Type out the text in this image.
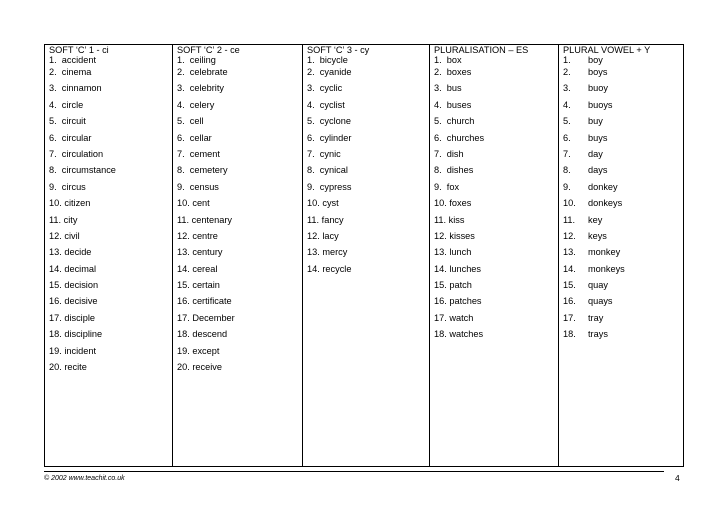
SOFT ‘C’ 1 - ci	SOFT ‘C’ 2 - ce	SOFT ‘C’ 3 - cy	PLURALISATION – ES	PLURAL VOWEL + Y
1. accident	1. ceiling	1. bicycle	1. box	1. boy
2. cinema	2. celebrate	2. cyanide	2. boxes	2. boys
3. cinnamon	3. celebrity	3. cyclic	3. bus	3. buoy
4. circle	4. celery	4. cyclist	4. buses	4. buoys
5. circuit	5. cell	5. cyclone	5. church	5. buy
6. circular	6. cellar	6. cylinder	6. churches	6. buys
7. circulation	7. cement	7. cynic	7. dish	7. day
8. circumstance	8. cemetery	8. cynical	8. dishes	8. days
9. circus	9. census	9. cypress	9. fox	9. donkey
10. citizen	10. cent	10. cyst	10. foxes	10. donkeys
11. city	11. centenary	11. fancy	11. kiss	11. key
12. civil	12. centre	12. lacy	12. kisses	12. keys
13. decide	13. century	13. mercy	13. lunch	13. monkey
14. decimal	14. cereal	14. recycle	14. lunches	14. monkeys
15. decision	15. certain		15. patch	15. quay
16. decisive	16. certificate		16. patches	16. quays
17. disciple	17. December		17. watch	17. tray
18. discipline	18. descend		18. watches	18. trays
19. incident	19. except			
20. recite	20. receive			

© 2002 www.teachit.co.uk	4
